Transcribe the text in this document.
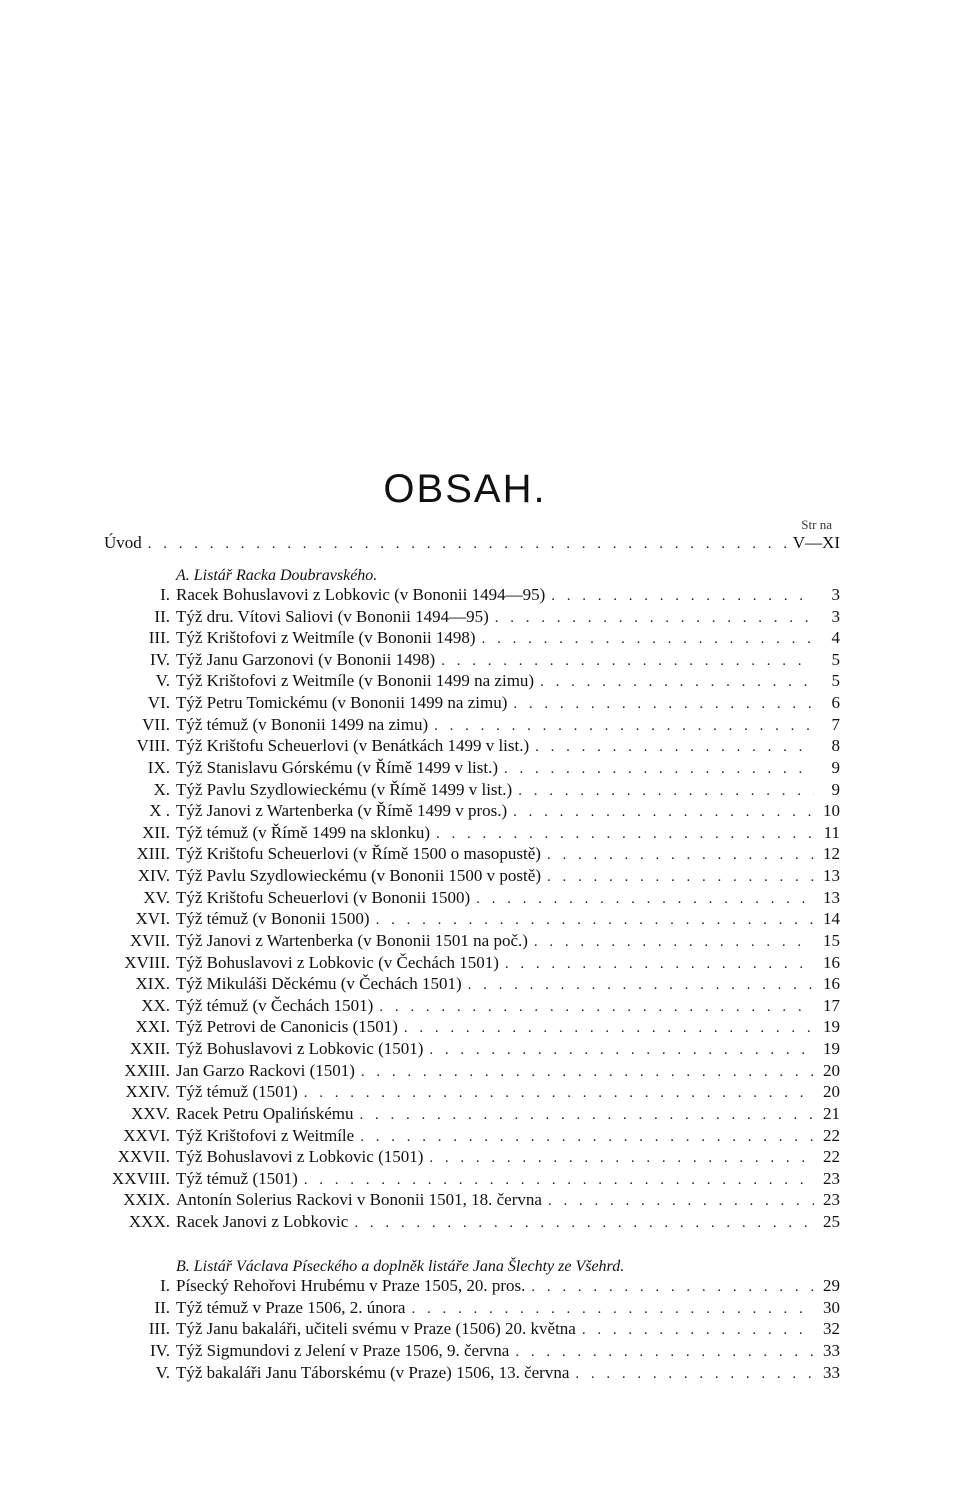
OBSAH.
Str na
Úvod . . .	V—XI
A. Listář Racka Doubravského.
I. Racek Bohuslavovi z Lobkovic (v Bononii 1494—95) . . .	3
II. Týž dru. Vítovi Saliovi (v Bononii 1494—95) . . .	3
III. Týž Krištofovi z Weitmíle (v Bononii 1498) . . .	4
IV. Týž Janu Garzonovi (v Bononii 1498) . . .	5
V. Týž Krištofovi z Weitmíle (v Bononii 1499 na zimu) . . .	5
VI. Týž Petru Tomickému (v Bononii 1499 na zimu) . . .	6
VII. Týž témuž (v Bononii 1499 na zimu) . . .	7
VIII. Týž Krištofu Scheuerlovi (v Benátkách 1499 v list.) . . .	8
IX. Týž Stanislavu Górskému (v Římě 1499 v list.) . . .	9
X. Týž Pavlu Szydlowieckému (v Římě 1499 v list.) . . .	9
X . Týž Janovi z Wartenberka (v Římě 1499 v pros.) . . .	10
XII. Týž témuž (v Římě 1499 na sklonku) . . .	11
XIII. Týž Krištofu Scheuerlovi (v Římě 1500 o masopustě) . . .	12
XIV. Týž Pavlu Szydlowieckému (v Bononii 1500 v postě) . . .	13
XV. Týž Krištofu Scheuerlovi (v Bononii 1500) . . .	13
XVI. Týž témuž (v Bononii 1500) . . .	14
XVII. Týž Janovi z Wartenberka (v Bononii 1501 na poč.) . . .	15
XVIII. Týž Bohuslavovi z Lobkovic (v Čechách 1501) . . .	16
XIX. Týž Mikuláši Děckému (v Čechách 1501) . . .	16
XX. Týž témuž (v Čechách 1501) . . .	17
XXI. Týž Petrovi de Canonicis (1501) . . .	19
XXII. Týž Bohuslavovi z Lobkovic (1501) . . .	19
XXIII. Jan Garzo Rackovi (1501) . . .	20
XXIV. Týž témuž (1501) . . .	20
XXV. Racek Petru Opalińskému . . .	21
XXVI. Týž Krištofovi z Weitmíle . . .	22
XXVII. Týž Bohuslavovi z Lobkovic (1501) . . .	22
XXVIII. Týž témuž (1501) . . .	23
XXIX. Antonín Solerius Rackovi v Bononii 1501, 18. června . . .	23
XXX. Racek Janovi z Lobkovic . . .	25
B. Listář Václava Píseckého a doplněk listáře Jana Šlechty ze Všehrd.
I. Písecký Rehořovi Hrubému v Praze 1505, 20. pros. . . .	29
II. Týž témuž v Praze 1506, 2. února . . .	30
III. Týž Janu bakaláři, učiteli svému v Praze (1506) 20. května . . .	32
IV. Týž Sigmundovi z Jelení v Praze 1506, 9. června . . .	33
V. Týž bakaláři Janu Táborskému (v Praze) 1506, 13. června . . .	33
